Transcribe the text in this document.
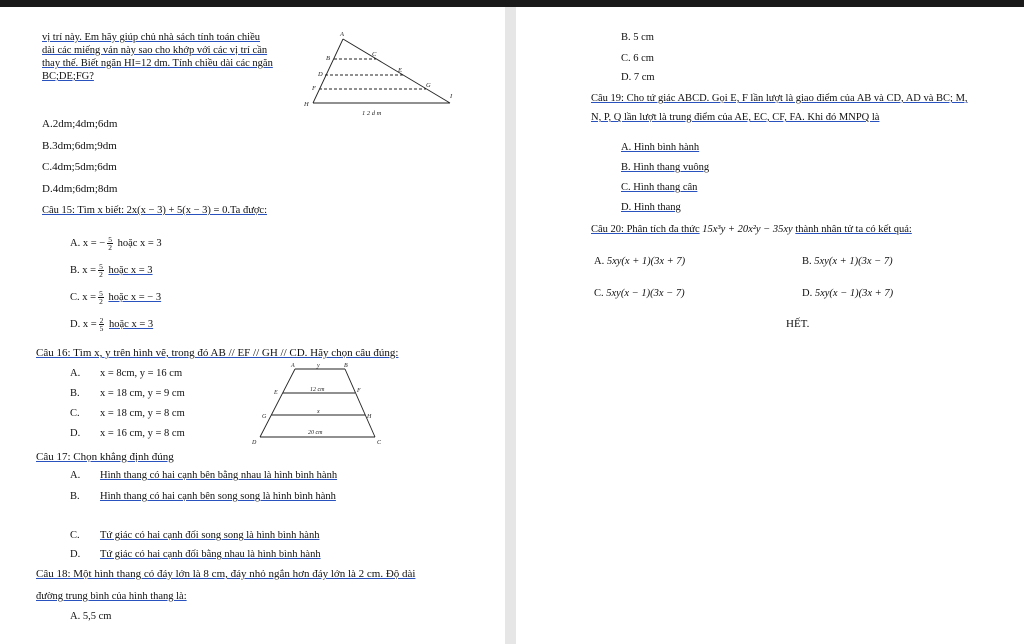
vị trí này. Em hãy giúp chủ nhà sách tính toán chiều
dài các miếng ván này sao cho khớp với các vị trí cần
thay thế. Biết ngăn HI=12 dm. Tính chiều dài các ngăn
BC;DE;FG?
A
B
C
D
E
F	G
H
I
1 2 d m
A.2dm;4dm;6dm
B.3dm;6dm;9dm
C.4dm;5dm;6dm
D.4dm;6dm;8dm
Câu 15: Tìm x biết: 2x(x − 3) + 5(x − 3) = 0.Ta được:
A. x = − $\frac{5}{2}$ hoặc x = 3
B. $x = \frac{5}{2}$ hoặc x = 3
C. $x = \frac{5}{2}$ hoặc x = − 3
D. $x = \frac{2}{5}$ hoặc x = 3
Câu 16: Tìm x, y trên hình vẽ, trong đó AB // EF // GH // CD. Hãy chọn câu đúng:
A. x = 8cm, y = 16 cm
B. x = 18 cm, y = 9 cm
C. x = 18 cm, y = 8 cm
D. x = 16 cm, y = 8 cm
A	B
E	F
G	H
D	C
y
x
12 cm
20 cm
Câu 17: Chọn khẳng định đúng
A. Hình thang có hai cạnh bên bằng nhau là hình bình hành
B. Hình thang có hai cạnh bên song song là hình bình hành
C. Tứ giác có hai cạnh đối song song là hình bình hành
D. Tứ giác có hai cạnh đối bằng nhau là hình bình hành
Câu 18: Một hình thang có đáy lớn là 8 cm, đáy nhỏ ngắn hơn đáy lớn là 2 cm. Độ dài
đường trung bình của hình thang là:
A. 5,5 cm
B. 5 cm
C. 6 cm
D. 7 cm
Câu 19: Cho tứ giác ABCD. Gọi E, F lần lượt là giao điểm của AB và CD, AD và BC; M,
N, P, Q lần lượt là trung điểm của AE, EC, CF, FA. Khi đó MNPQ là
A. Hình bình hành
B. Hình thang vuông
C. Hình thang cân
D. Hình thang
Câu 20: Phân tích đa thức 15x³y + 20x²y − 35xy thành nhân tử ta có kết quả:
A. 5xy(x + 1)(3x + 7)	B. 5xy(x + 1)(3x − 7)
C. 5xy(x − 1)(3x − 7)	D. 5xy(x − 1)(3x + 7)
HẾT.
